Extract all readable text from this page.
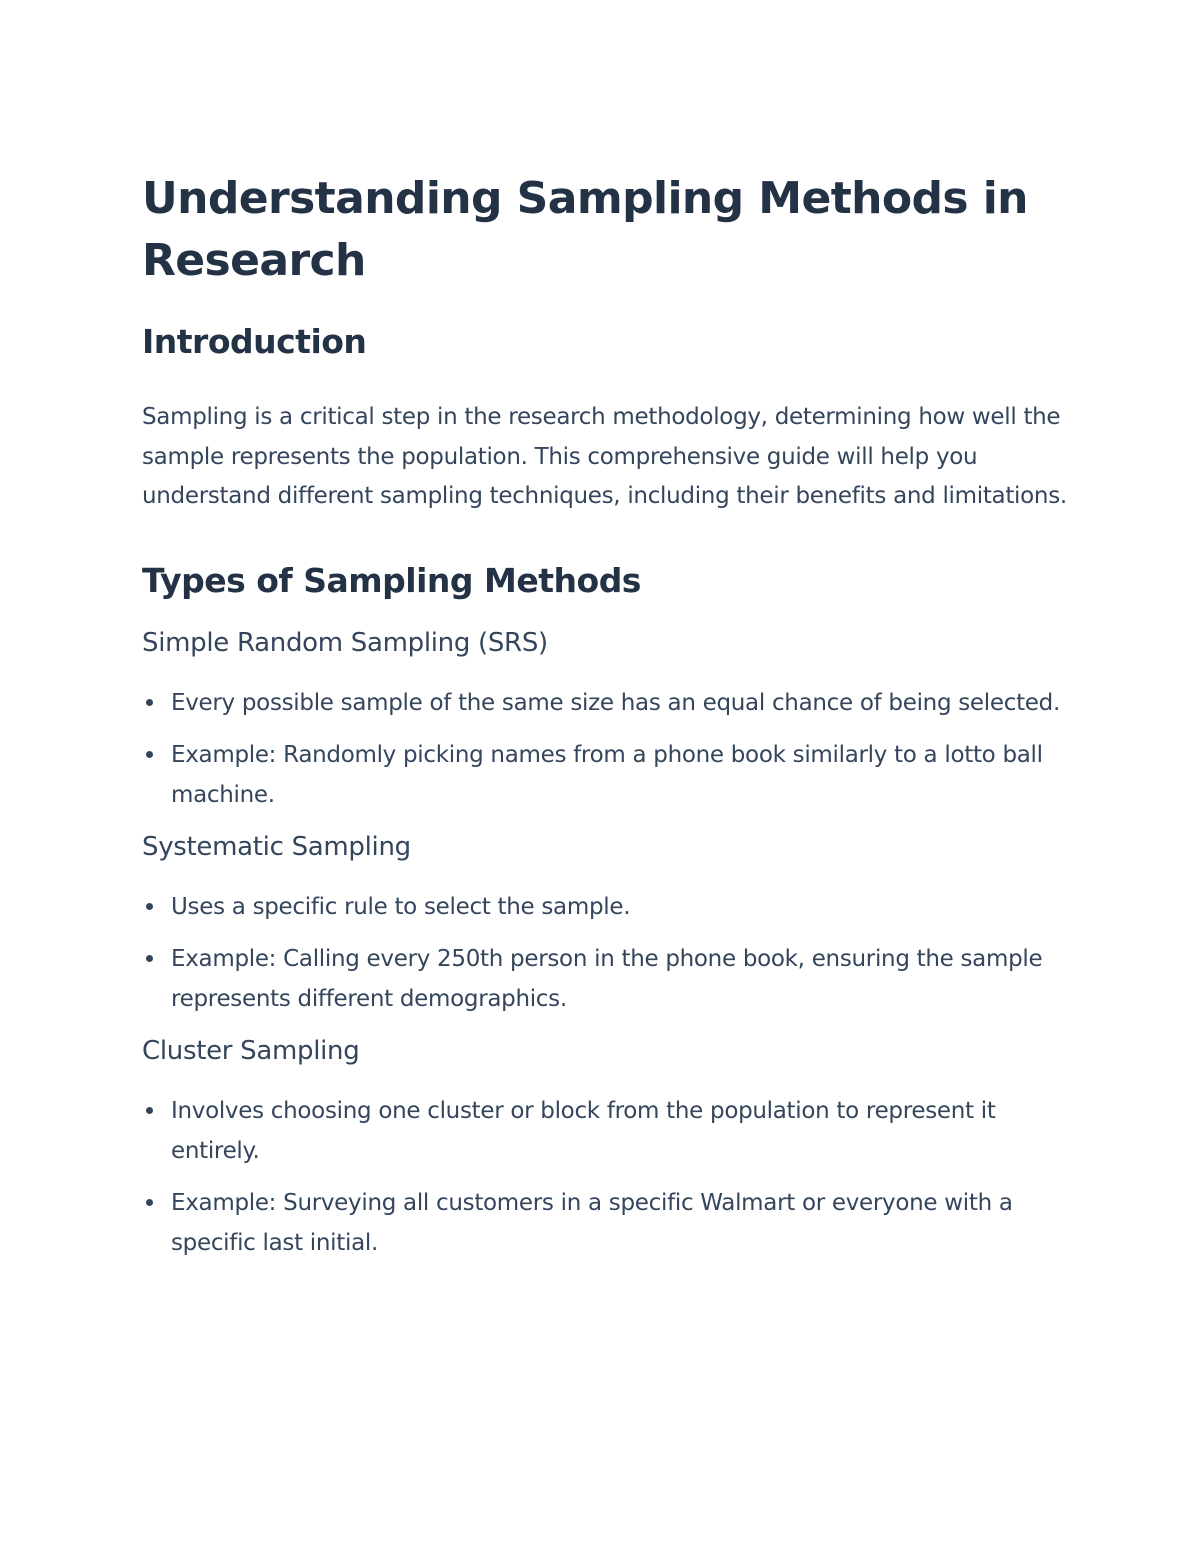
Understanding Sampling Methods in Research
Introduction

Sampling is a critical step in the research methodology, determining how well the sample represents the population. This comprehensive guide will help you understand different sampling techniques, including their benefits and limitations.

Types of Sampling Methods
Simple Random Sampling (SRS)
Every possible sample of the same size has an equal chance of being selected.
Example: Randomly picking names from a phone book similarly to a lotto ball machine.
Systematic Sampling
Uses a specific rule to select the sample.
Example: Calling every 250th person in the phone book, ensuring the sample represents different demographics.
Cluster Sampling
Involves choosing one cluster or block from the population to represent it entirely.
Example: Surveying all customers in a specific Walmart or everyone with a specific last initial.
